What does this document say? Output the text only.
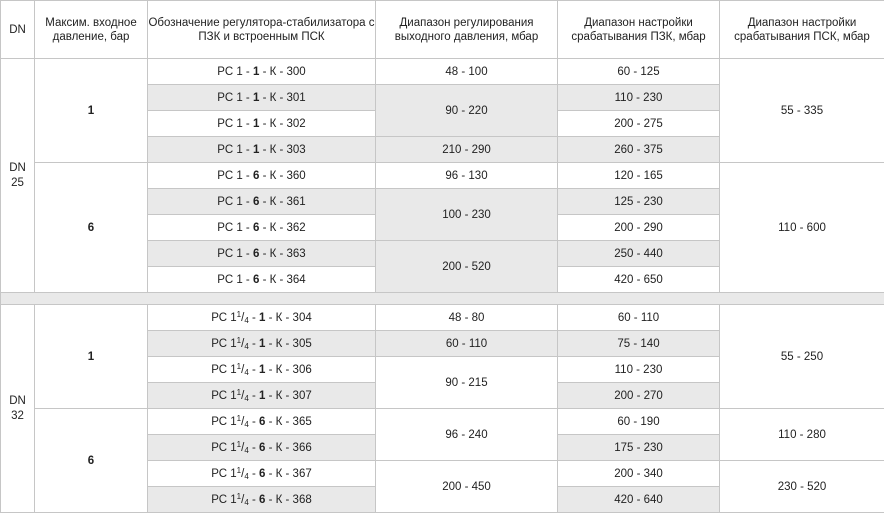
DN	Максим. входное давление, бар	Обозначение регулятора-стабилизатора с ПЗК и встроенным ПСК	Диапазон регулирования выходного давления, мбар	Диапазон настройки срабатывания ПЗК, мбар	Диапазон настройки срабатывания ПСК, мбар

DN
25	1	РС 1 - 1 - К - 300	48 - 100	60 - 125	55 - 335
		РС 1 - 1 - К - 301	90 - 220	110 - 230	
		РС 1 - 1 - К - 302		200 - 275	
		РС 1 - 1 - К - 303	210 - 290	260 - 375	
	6	РС 1 - 6 - К - 360	96 - 130	120 - 165	110 - 600
		РС 1 - 6 - К - 361	100 - 230	125 - 230	
		РС 1 - 6 - К - 362		200 - 290	
		РС 1 - 6 - К - 363	200 - 520	250 - 440	
		РС 1 - 6 - К - 364		420 - 650	

DN
32	1	РС $1^1/_4 - 1$ - К - 304	48 - 80	60 - 110	55 - 250
		РС $1^1/_4 - 1$ - К - 305	60 - 110	75 - 140	
		РС $1^1/_4 - 1$ - К - 306	90 - 215	110 - 230	
		РС $1^1/_4 - 1$ - К - 307		200 - 270	
	6	РС $1^1/_4 - 6$ - К - 365	96 - 240	60 - 190	110 - 280
		РС $1^1/_4 - 6$ - К - 366		175 - 230	
		РС $1^1/_4 - 6$ - К - 367	200 - 450	200 - 340	230 - 520
		РС $1^1/_4 - 6$ - К - 368		420 - 640	
